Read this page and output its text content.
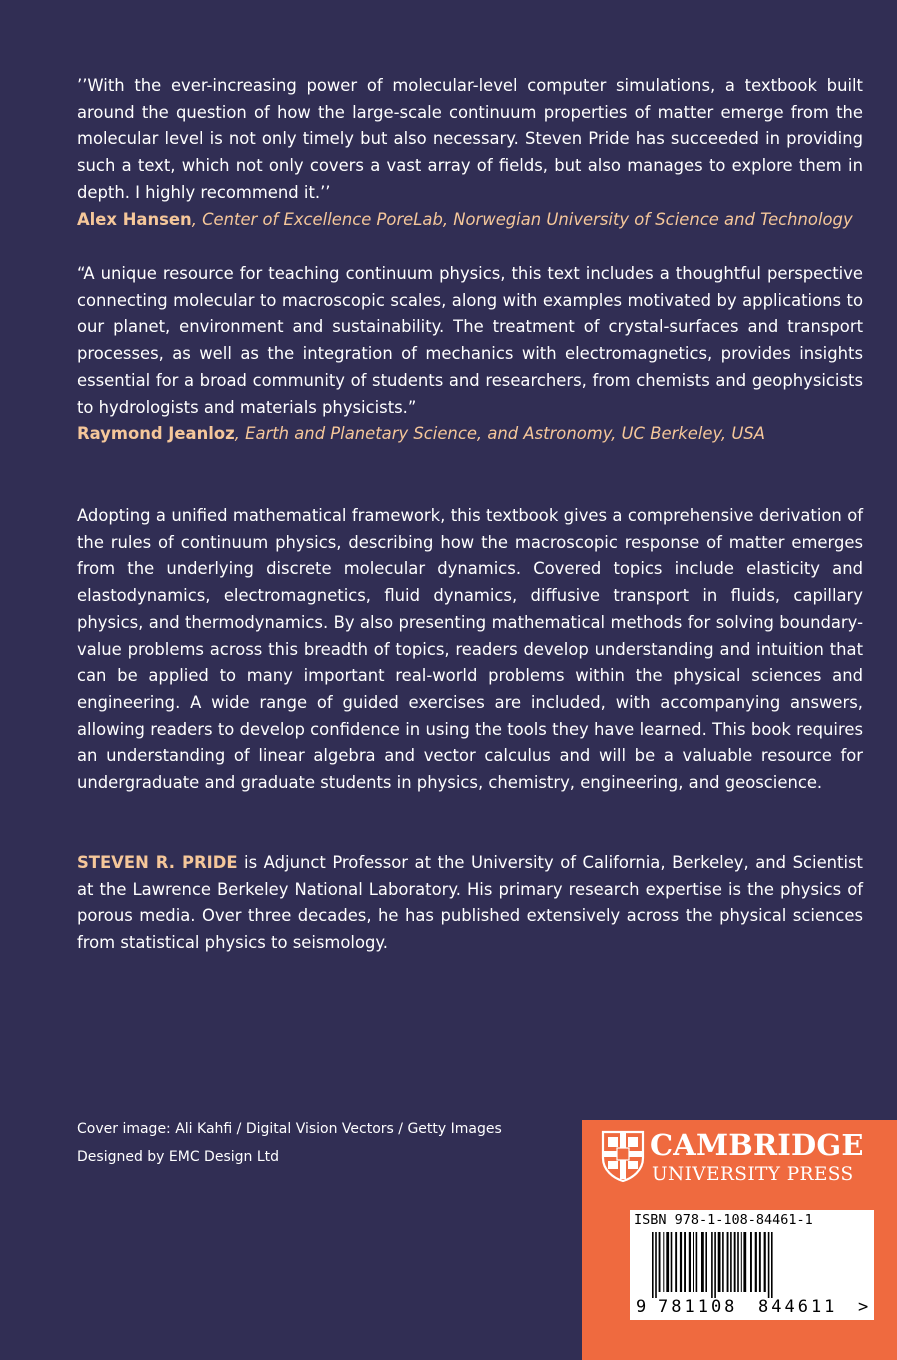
’’With the ever-increasing power of molecular-level computer simulations, a textbook built around the question of how the large-scale continuum properties of matter emerge from the molecular level is not only timely but also necessary. Steven Pride has succeeded in providing such a text, which not only covers a vast array of fields, but also manages to explore them in depth. I highly recommend it.’’

Alex Hansen, Center of Excellence PoreLab, Norwegian University of Science and Technology

“A unique resource for teaching continuum physics, this text includes a thoughtful perspective connecting molecular to macroscopic scales, along with examples motivated by applications to our planet, environment and sustainability. The treatment of crystal-surfaces and transport processes, as well as the integration of mechanics with electromagnetics, provides insights essential for a broad community of students and researchers, from chemists and geophysicists to hydrologists and materials physicists.”

Raymond Jeanloz, Earth and Planetary Science, and Astronomy, UC Berkeley, USA

Adopting a unified mathematical framework, this textbook gives a comprehensive derivation of the rules of continuum physics, describing how the macroscopic response of matter emerges from the underlying discrete molecular dynamics. Covered topics include elasticity and elastodynamics, electromagnetics, fluid dynamics, diffusive transport in fluids, capillary physics, and thermodynamics. By also presenting mathematical methods for solving boundary-value problems across this breadth of topics, readers develop understanding and intuition that can be applied to many important real-world problems within the physical sciences and engineering. A wide range of guided exercises are included, with accompanying answers, allowing readers to develop confidence in using the tools they have learned. This book requires an understanding of linear algebra and vector calculus and will be a valuable resource for undergraduate and graduate students in physics, chemistry, engineering, and geoscience.

STEVEN R. PRIDE is Adjunct Professor at the University of California, Berkeley, and Scientist at the Lawrence Berkeley National Laboratory. His primary research expertise is the physics of porous media. Over three decades, he has published extensively across the physical sciences from statistical physics to seismology.

Cover image: Ali Kahfi / Digital Vision Vectors / Getty Images
Designed by EMC Design Ltd	CAMBRIDGE
UNIVERSITY PRESS
ISBN 978-1-108-84461-1
9 781108 844611 >
